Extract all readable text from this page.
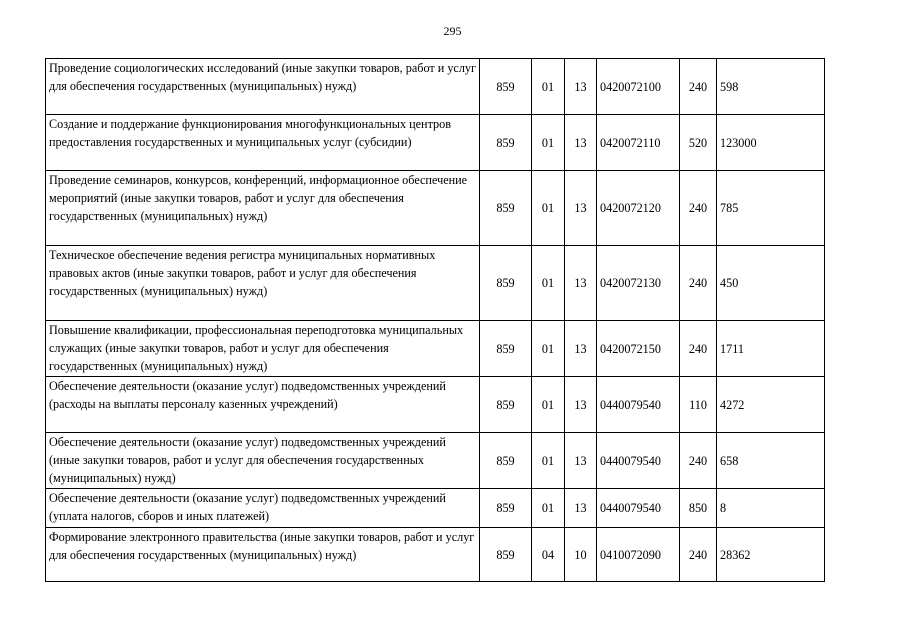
295
Проведение социологических исследований (иные закупки товаров, работ и услуг для обеспечения государственных (муниципальных) нужд)	859	01	13	0420072100	240	598
Создание и поддержание функционирования многофункциональных центров предоставления государственных и муниципальных услуг (субсидии)	859	01	13	0420072110	520	123000
Проведение семинаров, конкурсов, конференций, информационное обеспечение мероприятий (иные закупки товаров, работ и услуг для обеспечения государственных (муниципальных) нужд)	859	01	13	0420072120	240	785
Техническое обеспечение ведения регистра муниципальных нормативных правовых актов (иные закупки товаров, работ и услуг для обеспечения государственных (муниципальных) нужд)	859	01	13	0420072130	240	450
Повышение квалификации, профессиональная переподготовка муниципальных служащих (иные закупки товаров, работ и услуг для обеспечения государственных (муниципальных) нужд)	859	01	13	0420072150	240	1711
Обеспечение деятельности (оказание услуг) подведомственных учреждений (расходы на выплаты персоналу казенных учреждений)	859	01	13	0440079540	110	4272
Обеспечение деятельности (оказание услуг) подведомственных учреждений (иные закупки товаров, работ и услуг для обеспечения государственных (муниципальных) нужд)	859	01	13	0440079540	240	658
Обеспечение деятельности (оказание услуг) подведомственных учреждений (уплата налогов, сборов и иных платежей)	859	01	13	0440079540	850	8
Формирование электронного правительства (иные закупки товаров, работ и услуг для обеспечения государственных (муниципальных) нужд)	859	04	10	0410072090	240	28362
